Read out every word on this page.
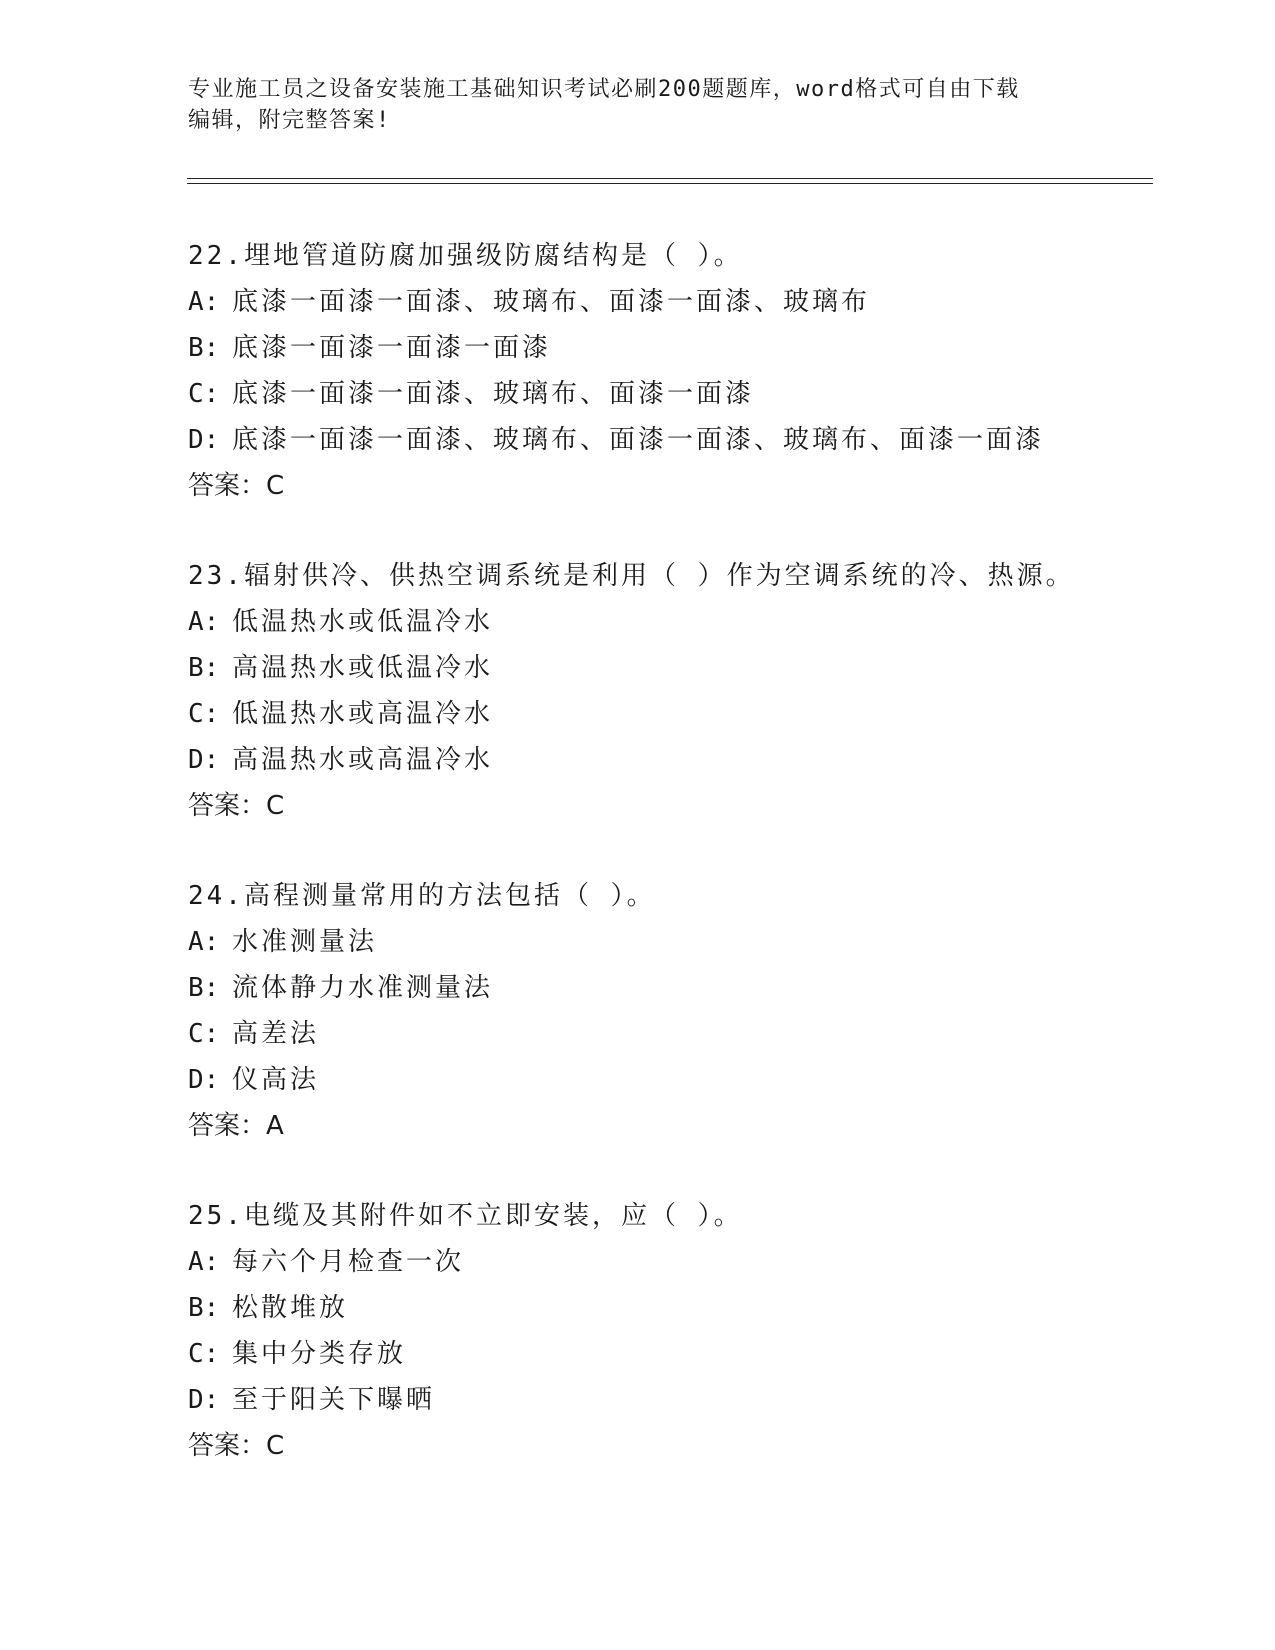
专业施工员之设备安装施工基础知识考试必刷200题题库，word格式可自由下载
编辑，附完整答案!
22.埋地管道防腐加强级防腐结构是（ ）。
A: 底漆一面漆一面漆、玻璃布、面漆一面漆、玻璃布
B: 底漆一面漆一面漆一面漆
C: 底漆一面漆一面漆、玻璃布、面漆一面漆
D: 底漆一面漆一面漆、玻璃布、面漆一面漆、玻璃布、面漆一面漆
答案：C
23.辐射供冷、供热空调系统是利用（ ）作为空调系统的冷、热源。
A: 低温热水或低温冷水
B: 高温热水或低温冷水
C: 低温热水或高温冷水
D: 高温热水或高温冷水
答案：C
24.高程测量常用的方法包括（ ）。
A: 水准测量法
B: 流体静力水准测量法
C: 高差法
D: 仪高法
答案：A
25.电缆及其附件如不立即安装，应（ ）。
A: 每六个月检查一次
B: 松散堆放
C: 集中分类存放
D: 至于阳关下曝晒
答案：C
